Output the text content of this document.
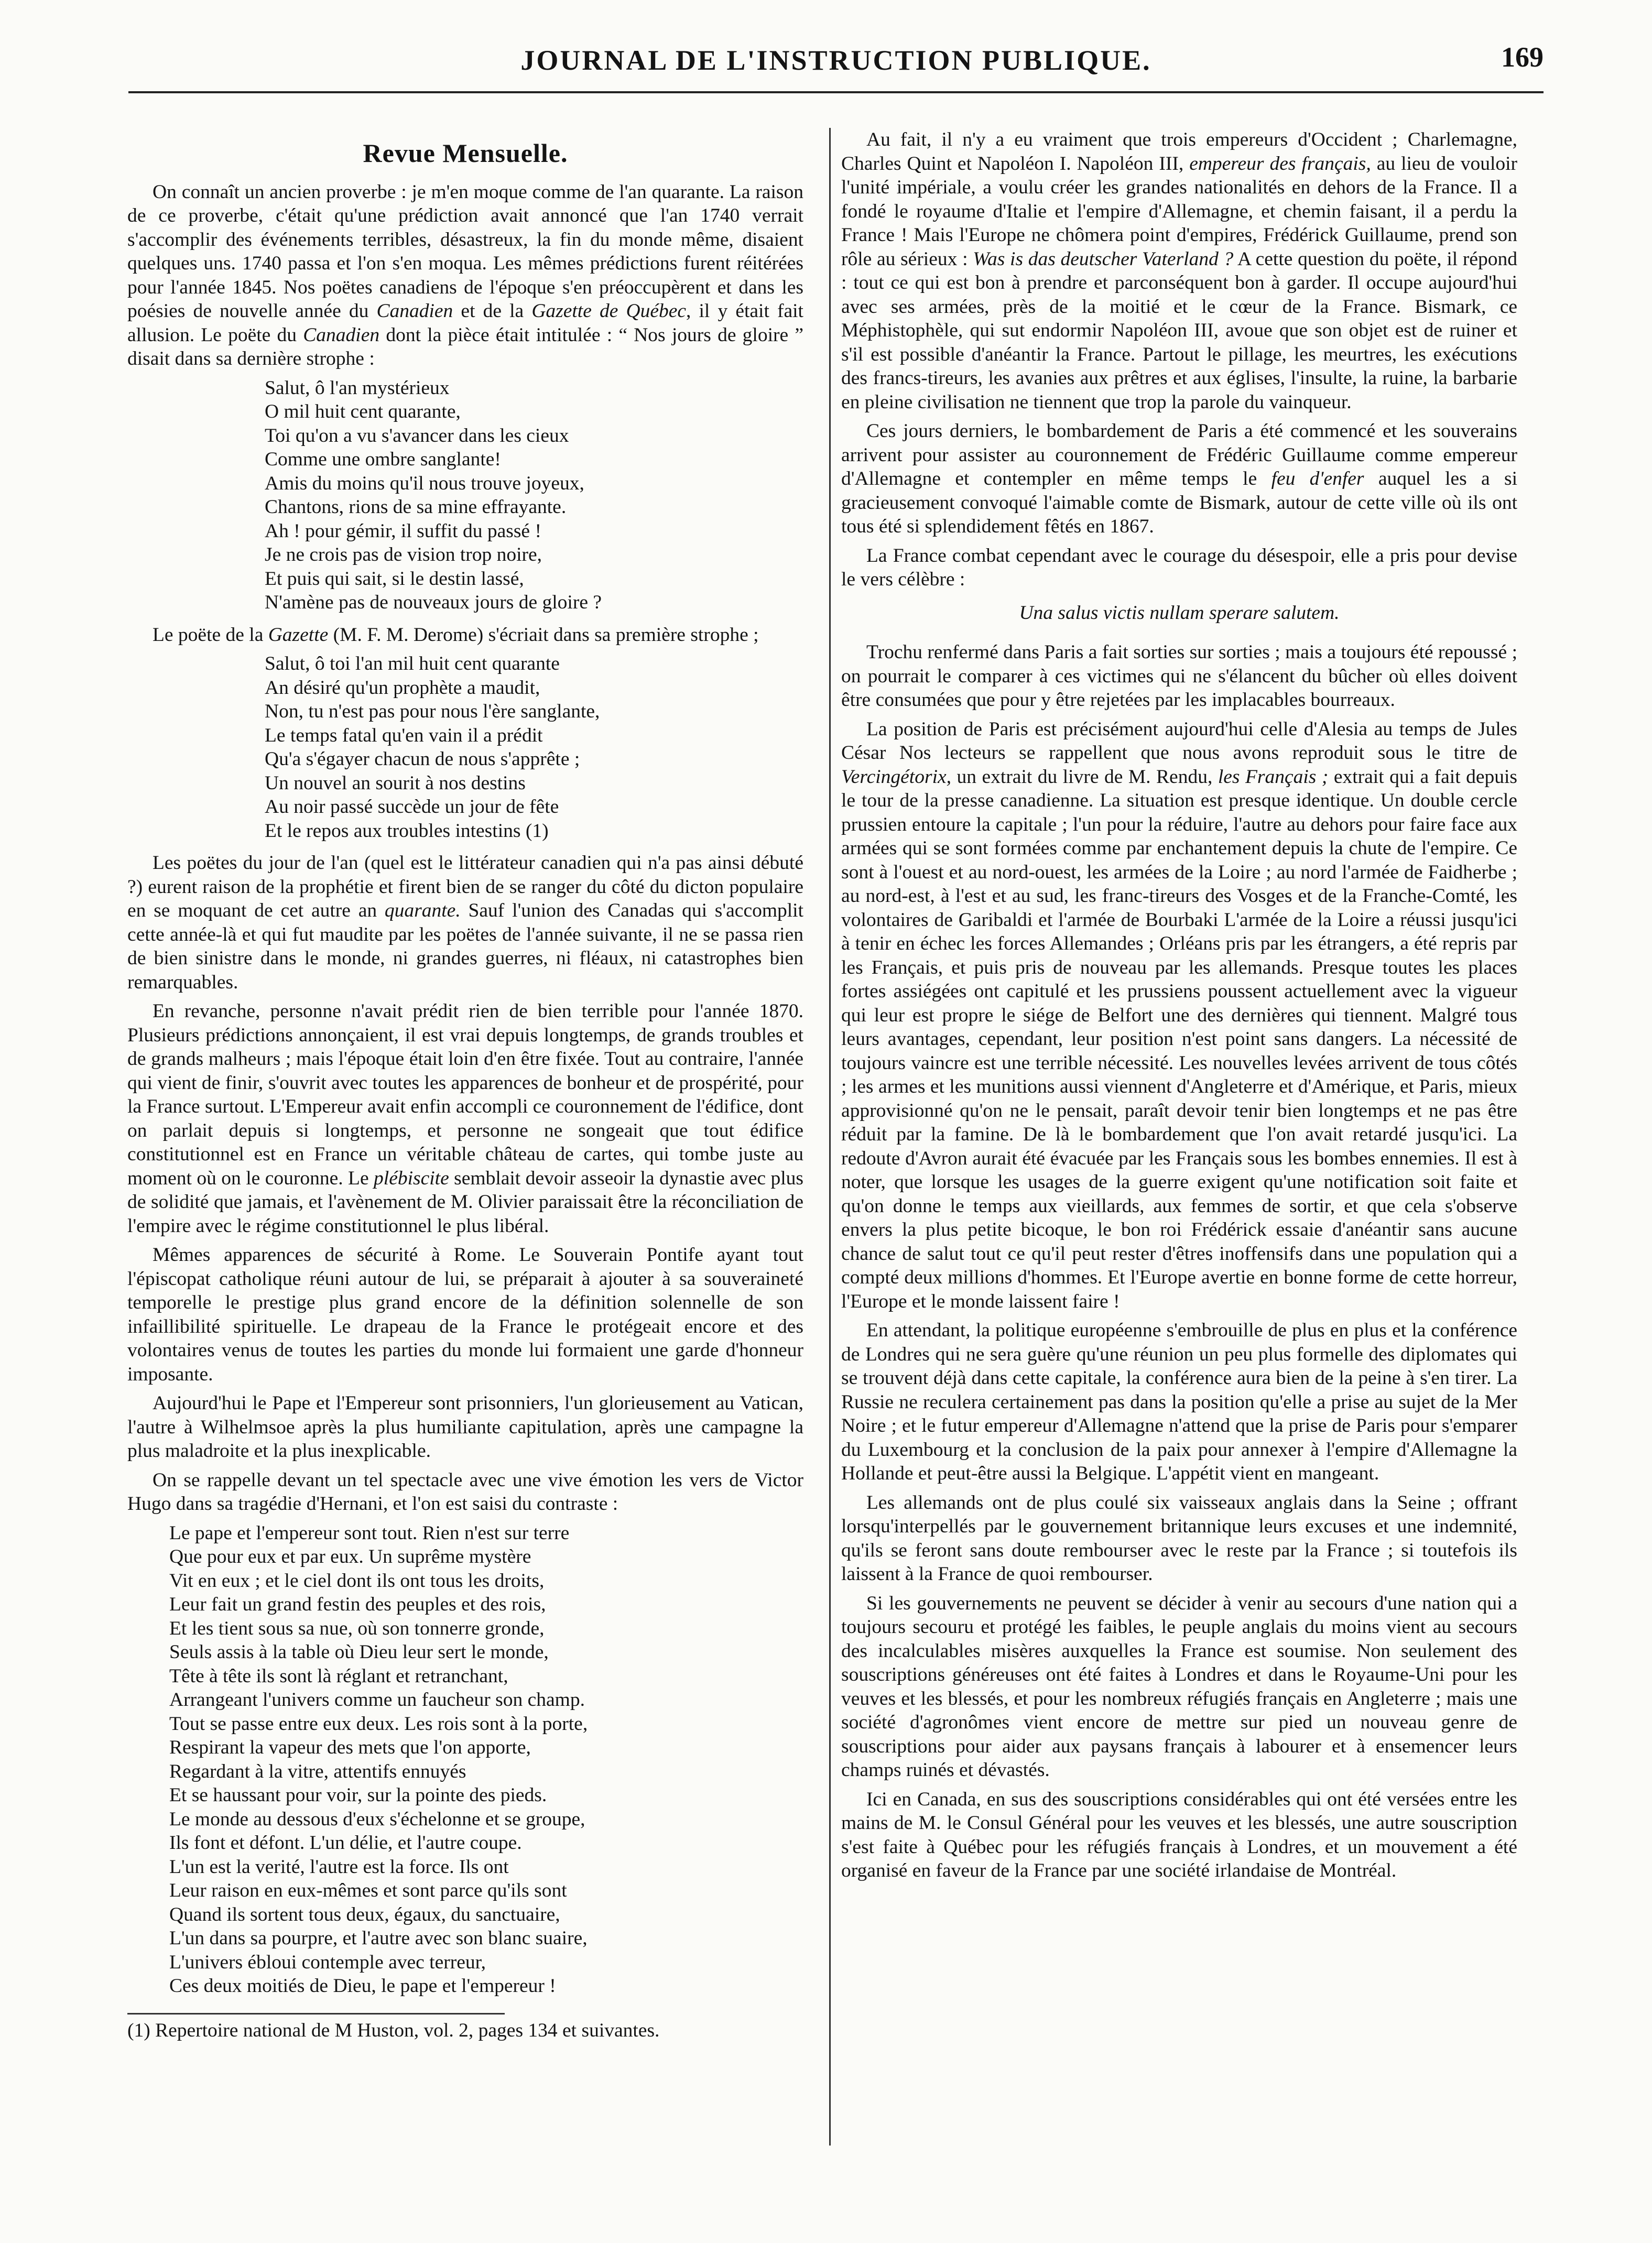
JOURNAL DE L'INSTRUCTION PUBLIQUE.	169
Revue Mensuelle.

On connaît un ancien proverbe : je m'en moque comme de l'an quarante. La raison de ce proverbe, c'était qu'une prédiction avait annoncé que l'an 1740 verrait s'accomplir des événements terribles, désastreux, la fin du monde même, disaient quelques uns. 1740 passa et l'on s'en moqua. Les mêmes prédictions furent réitérées pour l'année 1845. Nos poëtes canadiens de l'époque s'en préoccupèrent et dans les poésies de nouvelle année du Canadien et de la Gazette de Québec, il y était fait allusion. Le poëte du Canadien dont la pièce était intitulée : “ Nos jours de gloire ” disait dans sa dernière strophe :

Salut, ô l'an mystérieux
O mil huit cent quarante,
Toi qu'on a vu s'avancer dans les cieux
Comme une ombre sanglante!
Amis du moins qu'il nous trouve joyeux,
Chantons, rions de sa mine effrayante.
Ah ! pour gémir, il suffit du passé !
Je ne crois pas de vision trop noire,
Et puis qui sait, si le destin lassé,
N'amène pas de nouveaux jours de gloire ?

Le poëte de la Gazette (M. F. M. Derome) s'écriait dans sa première strophe ;

Salut, ô toi l'an mil huit cent quarante
An désiré qu'un prophète a maudit,
Non, tu n'est pas pour nous l'ère sanglante,
Le temps fatal qu'en vain il a prédit
Qu'a s'égayer chacun de nous s'apprête ;
Un nouvel an sourit à nos destins
Au noir passé succède un jour de fête
Et le repos aux troubles intestins (1)

Les poëtes du jour de l'an (quel est le littérateur canadien qui n'a pas ainsi débuté ?) eurent raison de la prophétie et firent bien de se ranger du côté du dicton populaire en se moquant de cet autre an quarante. Sauf l'union des Canadas qui s'accomplit cette année-là et qui fut maudite par les poëtes de l'année suivante, il ne se passa rien de bien sinistre dans le monde, ni grandes guerres, ni fléaux, ni catastrophes bien remarquables.

En revanche, personne n'avait prédit rien de bien terrible pour l'année 1870. Plusieurs prédictions annonçaient, il est vrai depuis longtemps, de grands troubles et de grands malheurs ; mais l'époque était loin d'en être fixée. Tout au contraire, l'année qui vient de finir, s'ouvrit avec toutes les apparences de bonheur et de prospérité, pour la France surtout. L'Empereur avait enfin accompli ce couronnement de l'édifice, dont on parlait depuis si longtemps, et personne ne songeait que tout édifice constitutionnel est en France un véritable château de cartes, qui tombe juste au moment où on le couronne. Le plébiscite semblait devoir asseoir la dynastie avec plus de solidité que jamais, et l'avènement de M. Olivier paraissait être la réconciliation de l'empire avec le régime constitutionnel le plus libéral.

Mêmes apparences de sécurité à Rome. Le Souverain Pontife ayant tout l'épiscopat catholique réuni autour de lui, se préparait à ajouter à sa souveraineté temporelle le prestige plus grand encore de la définition solennelle de son infaillibilité spirituelle. Le drapeau de la France le protégeait encore et des volontaires venus de toutes les parties du monde lui formaient une garde d'honneur imposante.

Aujourd'hui le Pape et l'Empereur sont prisonniers, l'un glorieusement au Vatican, l'autre à Wilhelmsoe après la plus humiliante capitulation, après une campagne la plus maladroite et la plus inexplicable.

On se rappelle devant un tel spectacle avec une vive émotion les vers de Victor Hugo dans sa tragédie d'Hernani, et l'on est saisi du contraste :

Le pape et l'empereur sont tout. Rien n'est sur terre
Que pour eux et par eux. Un suprême mystère
Vit en eux ; et le ciel dont ils ont tous les droits,
Leur fait un grand festin des peuples et des rois,
Et les tient sous sa nue, où son tonnerre gronde,
Seuls assis à la table où Dieu leur sert le monde,
Tête à tête ils sont là réglant et retranchant,
Arrangeant l'univers comme un faucheur son champ.
Tout se passe entre eux deux. Les rois sont à la porte,
Respirant la vapeur des mets que l'on apporte,
Regardant à la vitre, attentifs ennuyés
Et se haussant pour voir, sur la pointe des pieds.
Le monde au dessous d'eux s'échelonne et se groupe,
Ils font et défont. L'un délie, et l'autre coupe.
L'un est la verité, l'autre est la force. Ils ont
Leur raison en eux-mêmes et sont parce qu'ils sont
Quand ils sortent tous deux, égaux, du sanctuaire,
L'un dans sa pourpre, et l'autre avec son blanc suaire,
L'univers ébloui contemple avec terreur,
Ces deux moitiés de Dieu, le pape et l'empereur !

(1) Repertoire national de M Huston, vol. 2, pages 134 et suivantes.

Au fait, il n'y a eu vraiment que trois empereurs d'Occident ; Charlemagne, Charles Quint et Napoléon I. Napoléon III, empereur des français, au lieu de vouloir l'unité impériale, a voulu créer les grandes nationalités en dehors de la France. Il a fondé le royaume d'Italie et l'empire d'Allemagne, et chemin faisant, il a perdu la France ! Mais l'Europe ne chômera point d'empires, Frédérick Guillaume, prend son rôle au sérieux : Was is das deutscher Vaterland ? A cette question du poëte, il répond : tout ce qui est bon à prendre et parconséquent bon à garder. Il occupe aujourd'hui avec ses armées, près de la moitié et le cœur de la France. Bismark, ce Méphistophèle, qui sut endormir Napoléon III, avoue que son objet est de ruiner et s'il est possible d'anéantir la France. Partout le pillage, les meurtres, les exécutions des francs-tireurs, les avanies aux prêtres et aux églises, l'insulte, la ruine, la barbarie en pleine civilisation ne tiennent que trop la parole du vainqueur.

Ces jours derniers, le bombardement de Paris a été commencé et les souverains arrivent pour assister au couronnement de Frédéric Guillaume comme empereur d'Allemagne et contempler en même temps le feu d'enfer auquel les a si gracieusement convoqué l'aimable comte de Bismark, autour de cette ville où ils ont tous été si splendidement fêtés en 1867.

La France combat cependant avec le courage du désespoir, elle a pris pour devise le vers célèbre :

Una salus victis nullam sperare salutem.

Trochu renfermé dans Paris a fait sorties sur sorties ; mais a toujours été repoussé ; on pourrait le comparer à ces victimes qui ne s'élancent du bûcher où elles doivent être consumées que pour y être rejetées par les implacables bourreaux.

La position de Paris est précisément aujourd'hui celle d'Alesia au temps de Jules César Nos lecteurs se rappellent que nous avons reproduit sous le titre de Vercingétorix, un extrait du livre de M. Rendu, les Français ; extrait qui a fait depuis le tour de la presse canadienne. La situation est presque identique. Un double cercle prussien entoure la capitale ; l'un pour la réduire, l'autre au dehors pour faire face aux armées qui se sont formées comme par enchantement depuis la chute de l'empire. Ce sont à l'ouest et au nord-ouest, les armées de la Loire ; au nord l'armée de Faidherbe ; au nord-est, à l'est et au sud, les franc-tireurs des Vosges et de la Franche-Comté, les volontaires de Garibaldi et l'armée de Bourbaki L'armée de la Loire a réussi jusqu'ici à tenir en échec les forces Allemandes ; Orléans pris par les étrangers, a été repris par les Français, et puis pris de nouveau par les allemands. Presque toutes les places fortes assiégées ont capitulé et les prussiens poussent actuellement avec la vigueur qui leur est propre le siége de Belfort une des dernières qui tiennent. Malgré tous leurs avantages, cependant, leur position n'est point sans dangers. La nécessité de toujours vaincre est une terrible nécessité. Les nouvelles levées arrivent de tous côtés ; les armes et les munitions aussi viennent d'Angleterre et d'Amérique, et Paris, mieux approvisionné qu'on ne le pensait, paraît devoir tenir bien longtemps et ne pas être réduit par la famine. De là le bombardement que l'on avait retardé jusqu'ici. La redoute d'Avron aurait été évacuée par les Français sous les bombes ennemies. Il est à noter, que lorsque les usages de la guerre exigent qu'une notification soit faite et qu'on donne le temps aux vieillards, aux femmes de sortir, et que cela s'observe envers la plus petite bicoque, le bon roi Frédérick essaie d'anéantir sans aucune chance de salut tout ce qu'il peut rester d'êtres inoffensifs dans une population qui a compté deux millions d'hommes. Et l'Europe avertie en bonne forme de cette horreur, l'Europe et le monde laissent faire !

En attendant, la politique européenne s'embrouille de plus en plus et la conférence de Londres qui ne sera guère qu'une réunion un peu plus formelle des diplomates qui se trouvent déjà dans cette capitale, la conférence aura bien de la peine à s'en tirer. La Russie ne reculera certainement pas dans la position qu'elle a prise au sujet de la Mer Noire ; et le futur empereur d'Allemagne n'attend que la prise de Paris pour s'emparer du Luxembourg et la conclusion de la paix pour annexer à l'empire d'Allemagne la Hollande et peut-être aussi la Belgique. L'appétit vient en mangeant.

Les allemands ont de plus coulé six vaisseaux anglais dans la Seine ; offrant lorsqu'interpellés par le gouvernement britannique leurs excuses et une indemnité, qu'ils se feront sans doute rembourser avec le reste par la France ; si toutefois ils laissent à la France de quoi rembourser.

Si les gouvernements ne peuvent se décider à venir au secours d'une nation qui a toujours secouru et protégé les faibles, le peuple anglais du moins vient au secours des incalculables misères auxquelles la France est soumise. Non seulement des souscriptions généreuses ont été faites à Londres et dans le Royaume-Uni pour les veuves et les blessés, et pour les nombreux réfugiés français en Angleterre ; mais une société d'agronômes vient encore de mettre sur pied un nouveau genre de souscriptions pour aider aux paysans français à labourer et à ensemencer leurs champs ruinés et dévastés.

Ici en Canada, en sus des souscriptions considérables qui ont été versées entre les mains de M. le Consul Général pour les veuves et les blessés, une autre souscription s'est faite à Québec pour les réfugiés français à Londres, et un mouvement a été organisé en faveur de la France par une société irlandaise de Montréal.
